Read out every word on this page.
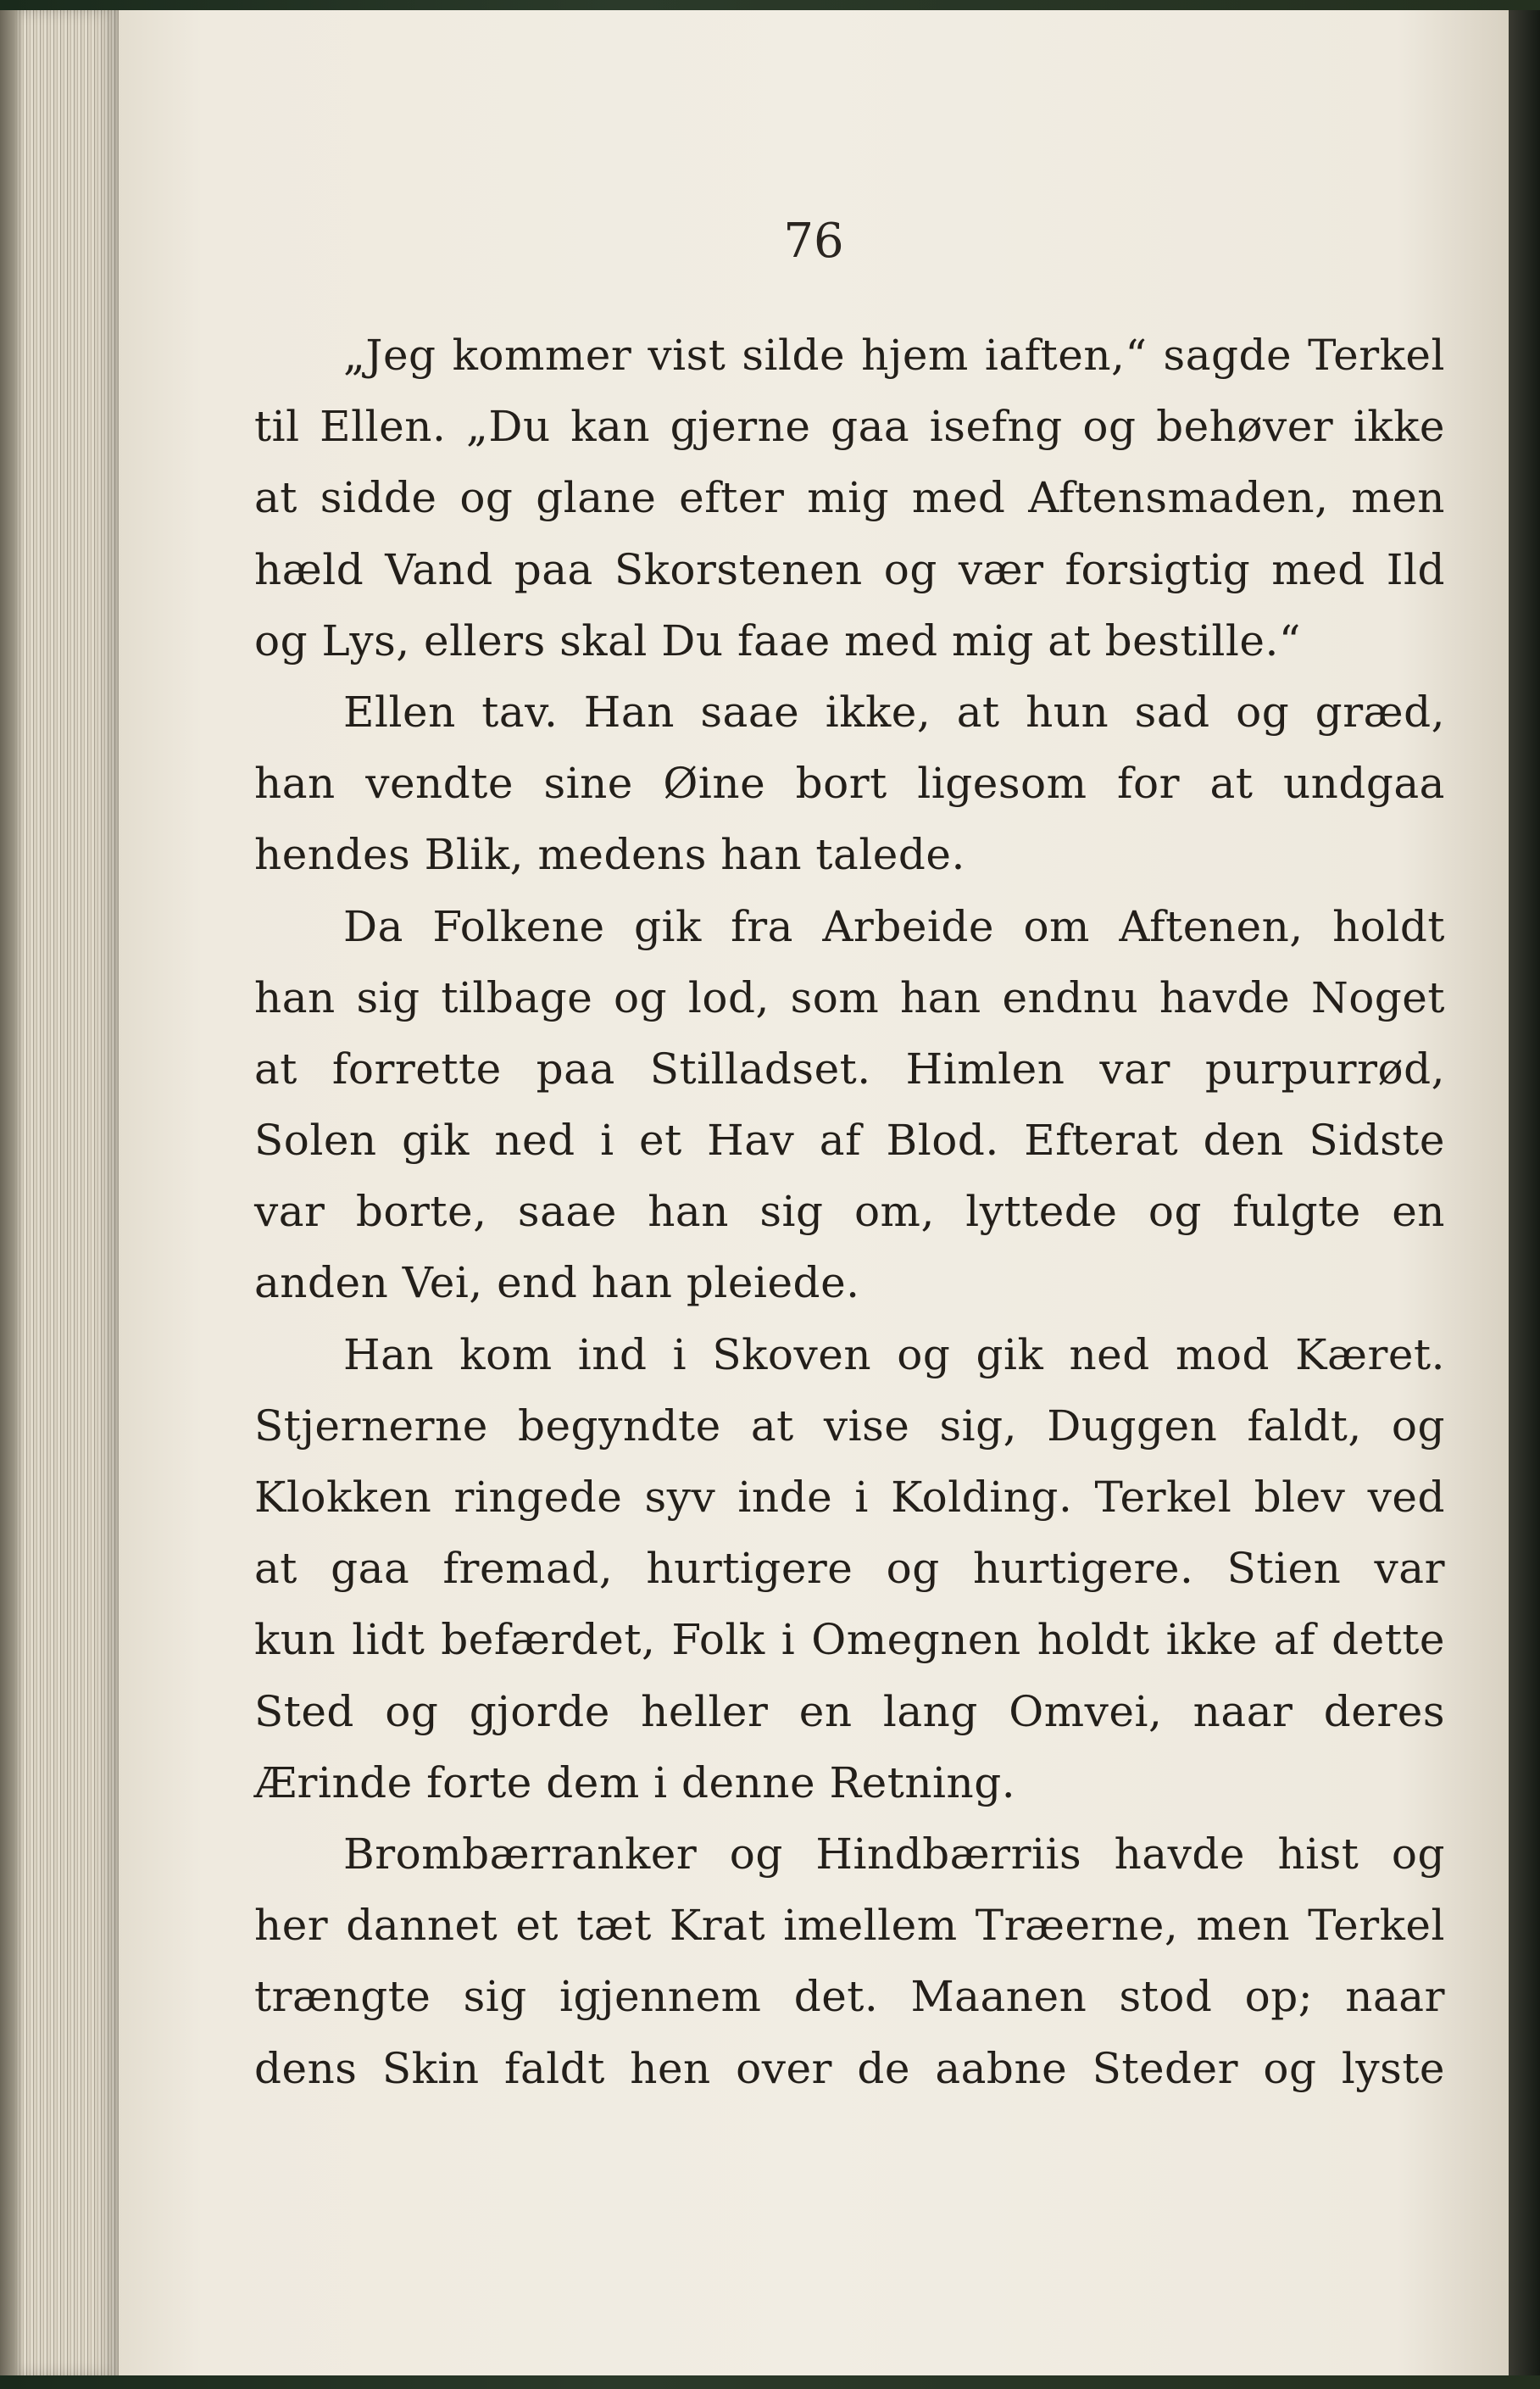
76

„Jeg kommer vist silde hjem iaften,“ sagde Terkel
til Ellen. „Du kan gjerne gaa isefng og behøver ikke
at sidde og glane efter mig med Aftensmaden, men
hæld Vand paa Skorstenen og vær forsigtig med Ild
og Lys, ellers skal Du faae med mig at bestille.“
Ellen tav. Han saae ikke, at hun sad og græd,
han vendte sine Øine bort ligesom for at undgaa
hendes Blik, medens han talede.
Da Folkene gik fra Arbeide om Aftenen, holdt
han sig tilbage og lod, som han endnu havde Noget
at forrette paa Stilladset. Himlen var purpurrød,
Solen gik ned i et Hav af Blod. Efterat den Sidste
var borte, saae han sig om, lyttede og fulgte en
anden Vei, end han pleiede.
Han kom ind i Skoven og gik ned mod Kæret.
Stjernerne begyndte at vise sig, Duggen faldt, og
Klokken ringede syv inde i Kolding. Terkel blev ved
at gaa fremad, hurtigere og hurtigere. Stien var
kun lidt befærdet, Folk i Omegnen holdt ikke af dette
Sted og gjorde heller en lang Omvei, naar deres
Ærinde forte dem i denne Retning.
Brombærranker og Hindbærriis havde hist og
her dannet et tæt Krat imellem Træerne, men Terkel
trængte sig igjennem det. Maanen stod op; naar
dens Skin faldt hen over de aabne Steder og lyste
